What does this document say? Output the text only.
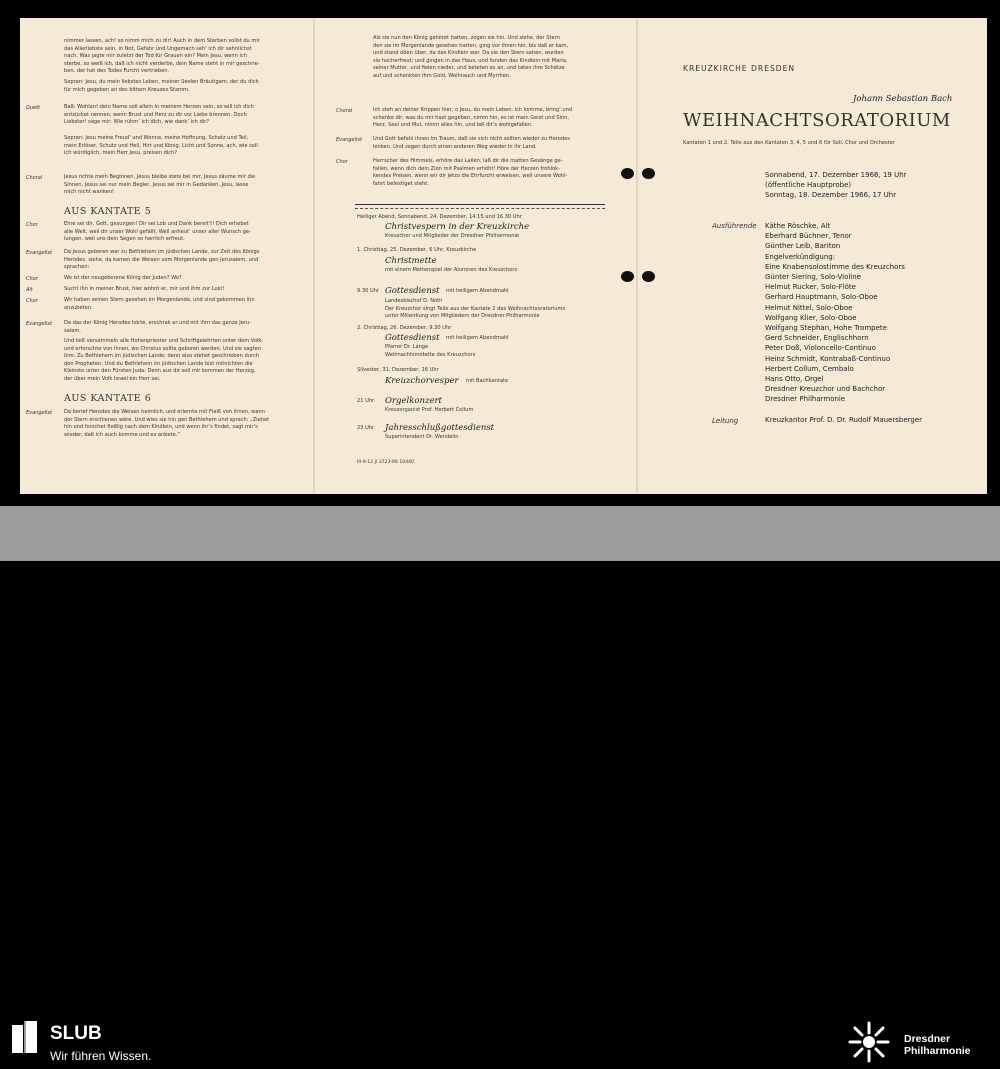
nimmer lassen, ach! so nimm mich zu dir! Auch in dem Sterben sollst du mir
das Allerliebste sein, in Not, Gefahr und Ungemach seh’ ich dir sehnlichst
nach. Was jagte mir zuletzt der Tod für Grauen ein? Mein Jesu, wenn ich
sterbe, so weiß ich, daß ich nicht verderbe, dein Name steht in mir geschrie-
ben, der hat des Todes Furcht vertrieben.
Sopran: Jesu, du mein liebstes Leben, meiner Seelen Bräutigam, der du dich
für mich gegeben an des bittern Kreuzes Stamm.
Duett	Baß: Wohlan! dein Name soll allein in meinem Herzen sein, so will ich dich
entzücket nennen, wenn Brust und Herz zu dir vor Liebe brennen. Doch
Liebster! sage mir: Wie rühm’ ich dich, wie dank’ ich dir?
Sopran: Jesu meine Freud’ und Wonne, meine Hoffnung, Schatz und Teil,
mein Erlöser, Schutz und Heil, Hirt und König, Licht und Sonne, ach, wie soll
ich würdiglich, mein Herr Jesu, preisen dich?
Choral	Jesus richte mein Beginnen, Jesus bleibe stets bei mir, Jesus zäume mir die
Sinnen, Jesus sei nur mein Begier, Jesus sei mir in Gedanken, Jesu, lasse
mich nicht wanken!
AUS KANTATE 5
Chor	Ehre sei dir, Gott, gesungen! Dir sei Lob und Dank bereit’t! Dich erhebet
alle Welt, weil dir unser Wohl gefällt, Weil anheut’ unser aller Wunsch ge-
lungen, weil uns dein Segen so herrlich erfreut.
Evangelist Da Jesus geboren war zu Bethlehem im jüdischen Lande, zur Zeit des Königs
Herodes, siehe, da kamen die Weisen vom Morgenlande gen Jerusalem, und
sprachen:
Chor	Wo ist der neugeborene König der Juden? Wo?
Alt	Sucht ihn in meiner Brust, hier wohnt er, mir und ihm zur Lust!
Chor	Wir haben seinen Stern gesehen im Morgenlande, und sind gekommen ihn
anzubeten.
Evangelist Da das der König Herodes hörte, erschrak er und mit ihm das ganze Jeru-
salem.
Und ließ versammeln alle Hohenpriester und Schriftgelehrten unter dem Volk,
und erforschte von ihnen, wo Christus sollte geboren werden. Und sie sagten
ihm: Zu Bethlehem im jüdischen Lande; denn also stehet geschrieben durch
den Propheten: Und du Bethlehem im jüdischen Lande bist mitnichten die
Kleinste unter den Fürsten Juda: Denn aus dir soll mir kommen der Herzog,
der über mein Volk Israel ein Herr sei.
AUS KANTATE 6
Evangelist Da berief Herodes die Weisen heimlich, und erlernte mit Fleiß von ihnen, wann
der Stern erschienen wäre. Und wies sie hin gen Bethlehem und sprach: „Ziehet
hin und forschet fleißig nach dem Kindlein, und wenn ihr’s findet, sagt mir’s
wieder, daß ich auch komme und es anbete.“
Als sie nun den König gehöret hatten, zogen sie hin. Und siehe, der Stern
den sie im Morgenlande gesehen hatten, ging vor ihnen hin, bis daß er kam,
und stand oben über, da das Kindlein war. Da sie den Stern sahen, wurden
sie hocherfreut; und gingen in das Haus, und funden das Kindlein mit Maria,
seiner Mutter, und fielen nieder, und beteten es an, und taten ihre Schätze
auf und schenkten ihm Gold, Weihrauch und Myrrhen.
Choral	Ich steh an deiner Krippen hier, o Jesu, du mein Leben, ich komme, bring’ und
schenke dir, was du mir hast gegeben, nimm hin, es ist mein Geist und Sinn,
Herz, Seel und Mut, nimm alles hin, und laß dir’s wohlgefallen.
Evangelist Und Gott befahl ihnen im Traum, daß sie sich nicht sollten wieder zu Herodes
lenken. Und zogen durch einen anderen Weg wieder in ihr Land.
Chor	Herrscher des Himmels, erhöre das Lallen, laß dir die matten Gesänge ge-
fallen, wenn dich dein Zion mit Psalmen erhöht! Höre der Herzen frohlok-
kendes Preisen, wenn wir dir jetzo die Ehrfurcht erweisen, weil unsere Wohl-
fahrt befestiget steht.
Heiliger Abend, Sonnabend, 24. Dezember, 14.15 und 16.30 Uhr
Christvespern in der Kreuzkirche
Kreuzchor und Mitglieder der Dresdner Philharmonie
1. Christtag, 25. Dezember, 6 Uhr, Kreuzkirche
Christmette
mit einem Mettenspiel der Alumnen des Kreuzchors
9.30 Uhr Gottesdienst mit heiligem Abendmahl
Landesbischof D. Noth
Der Kreuzchor singt Teile aus der Kantate 2 des Weihnachtsoratoriums
unter Mitwirkung von Mitgliedern der Dresdner Philharmonie
2. Christtag, 26. Dezember, 9.30 Uhr
Gottesdienst mit heiligem Abendmahl
Pfarrer Dr. Lange
Weihnachtsmotette des Kreuzchors
Silvester, 31. Dezember, 16 Uhr
Kreuzchorvesper mit Bachkantate
21 Uhr Orgelkonzert
Kreuzorganist Prof. Herbert Collum
23 Uhr Jahresschlußgottesdienst
Superintendent Dr. Wendelin
III-9-12 Jl 3723-66 10440
KREUZKIRCHE DRESDEN
Johann Sebastian Bach
WEIHNACHTSORATORIUM
Kantaten 1 und 2. Teile aus den Kantaten 3, 4, 5 und 6 für Soli, Chor und Orchester
Sonnabend, 17. Dezember 1966, 19 Uhr
(öffentliche Hauptprobe)
Sonntag, 18. Dezember 1966, 17 Uhr
Ausführende Käthe Röschke, Alt
Eberhard Büchner, Tenor
Günther Leib, Bariton
Engelverkündigung:
Eine Knabensolostimme des Kreuzchors
Günter Siering, Solo-Violine
Helmut Rucker, Solo-Flöte
Gerhard Hauptmann, Solo-Oboe
Helmut Nittel, Solo-Oboe
Wolfgang Klier, Solo-Oboe
Wolfgang Stephan, Hohe Trompete
Gerd Schneider, Englischhorn
Peter Doß, Violoncello-Continuo
Heinz Schmidt, Kontrabaß-Continuo
Herbert Collum, Cembalo
Hans Otto, Orgel
Dresdner Kreuzchor und Bachchor
Dresdner Philharmonie
Leitung	Kreuzkantor Prof. D. Dr. Rudolf Mauersberger
SLUB
Wir führen Wissen.
Dresdner
Philharmonie
